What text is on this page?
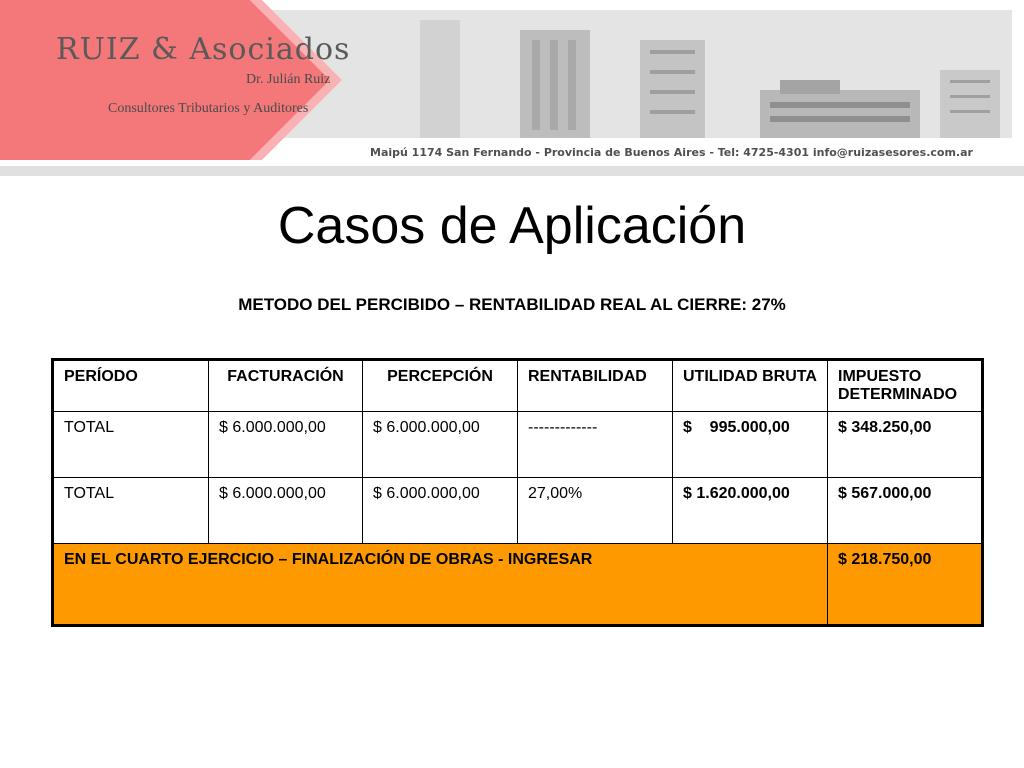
RUIZ & Asociados
Dr. Julián Ruiz
Consultores Tributarios y Auditores
Maipú 1174 San Fernando - Provincia de Buenos Aires - Tel: 4725-4301 info@ruizasesores.com.ar
Casos de Aplicación
METODO DEL PERCIBIDO – RENTABILIDAD REAL AL CIERRE: 27%
PERÍODO	FACTURACIÓN	PERCEPCIÓN	RENTABILIDAD	UTILIDAD BRUTA	IMPUESTO DETERMINADO
TOTAL	$ 6.000.000,00	$ 6.000.000,00	-------------	$    995.000,00	$ 348.250,00
TOTAL	$ 6.000.000,00	$ 6.000.000,00	27,00%	$ 1.620.000,00	$ 567.000,00
EN EL CUARTO EJERCICIO – FINALIZACIÓN DE OBRAS - INGRESAR					$ 218.750,00
